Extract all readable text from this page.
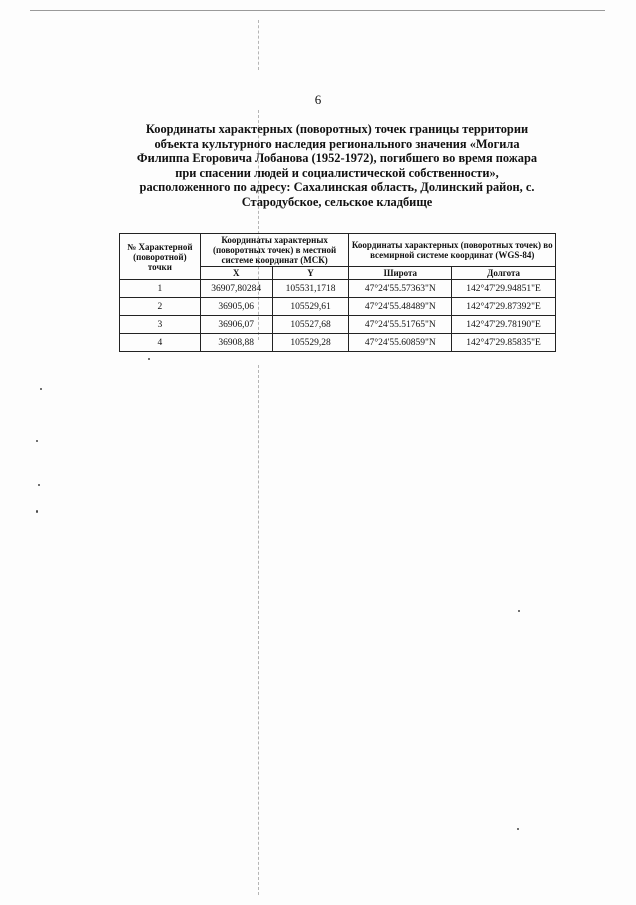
6
Координаты характерных (поворотных) точек границы территории
объекта культурного наследия регионального значения «Могила
Филиппа Егоровича Лобанова (1952-1972), погибшего во время пожара
при спасении людей и социалистической собственности»,
расположенного по адресу: Сахалинская область, Долинский район, с.
Стародубское, сельское кладбище
№ Характерной (поворотной) точки	Координаты характерных (поворотных точек) в местной системе координат (МСК)		Координаты характерных (поворотных точек) во всемирной системе координат (WGS-84)	
	X	Y	Широта	Долгота
1	36907,80284	105531,1718	47°24'55.57363"N	142°47'29.94851"E
2	36905,06	105529,61	47°24'55.48489"N	142°47'29.87392"E
3	36906,07	105527,68	47°24'55.51765"N	142°47'29.78190"E
4	36908,88	105529,28	47°24'55.60859"N	142°47'29.85835"E
